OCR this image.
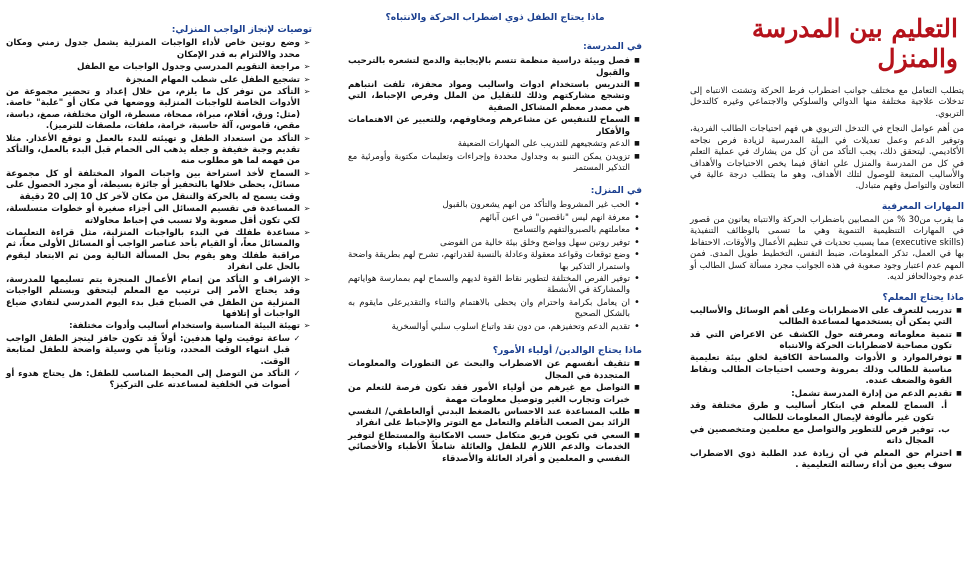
التعليم بين المدرسة والمنزل

يتطلب التعامل مع مختلف جوانب اضطراب فرط الحركة وتشتت الانتباه إلى تدخلات علاجية مختلفة منها الدوائي والسلوكي والاجتماعي وغيره كالتدخل التربوي.

من أهم عوامل النجاح في التدخل التربوي هي فهم احتياجات الطالب الفردية، وتوفير الدعم وعمل تعديلات في البيئة المدرسية لزيادة فرص نجاحه الأكاديمي. ليتحقق ذلك، يجب التأكد من أن كل من يشارك في عملية التعلم في كل من المدرسة والمنزل على اتفاق فيما يخص الاحتياجات والأهداف والأساليب المتبعة للوصول لتلك الأهداف، وهو ما يتطلب درجة عالية في التعاون والتواصل وفهم متبادل.

المهارات المعرفية

ما يقرب من30 % من المصابين باضطراب الحركة والانتباه يعانون من قصور في المهارات التنظيمية التنموية وهي ما تسمى بالوظائف التنفيذية (executive skills) مما يسبب تحديات في تنظيم الأعمال والأوقات، الاحتفاظ بها في العمل، تذكر المعلومات، ضبط النفس، التخطيط طويل المدى. فمن المهم عدم اعتبار وجود صعوبة في هذه الجوانب مجرد مسألة كسل الطالب أو عدم وجودالحافز لديه.

ماذا يحتاج المعلم؟
■
تدريب للتعرف على الاضطرابات وعلى أهم الوسائل والأساليب التي يمكن أن يستخدمها لمساعدة الطالب
■
تنمية معلوماته ومعرفته حول الكشف عن الاعراض التي قد تكون مصاحبة لاضطرابات الحركة والانتباه
■
توفرالموارد و الأدوات والمساحة الكافية لخلق بيئة تعليمية مناسبة للطالب وذلك بمرونة وحسب احتياجات الطالب ونقاط القوة والضعف عنده.
■
تقديم الدعم من إدارة المدرسة تشمل:
أ.
السماح للمعلم في ابتكار أساليب و طرق مختلفة وقد تكون غير مألوفة لإيصال المعلومات للطالب
ب.
توفير فرص للتطوير والتواصل مع معلمين ومتخصصين في المجال ذاته
■
احترام حق المعلم في أن زيادة عدد الطلبة ذوي الاضطراب سوف يعيق من أداء رسالته التعليمية .
ماذا يحتاج الطفل ذوي اضطراب الحركة والانتباه؟
في المدرسة:
■
فصل وبيئة دراسية منظمة تتسم بالإيجابية والدمج لتشعره بالترحيب والقبول
■
التدريس باستخدام ادوات واساليب ومواد محفزة، تلفت انتباهم وتشجع مشاركتهم وذلك للتقليل من الملل وفرص الإحباط، التي هي مصدر معظم المشاكل الصفية
■
السماح للتنفيس عن مشاعرهم ومخاوفهم، وللتعبير عن الاهتمامات والأفكار
■
الدعم وتشجيعهم للتدريب على المهارات الضعيفة
■
تزويدن يمكن التنبو به وجداول محددة وإجراءات وتعليمات مكتوبة وأومرئية مع التذكير المستمر
في المنزل:
•
الحب غير المشروط والتأكد من انهم يشعرون بالقبول
•
معرفة انهم ليس "ناقصين" في اعين آبائهم
•
معاملتهم بالصبروالتفهم والتسامح
•
توفير روتين سهل وواضح وخلق بيئة خالية من الفوضى
•
وضع توقعات وقواعد معقولة وعادلة بالنسبة لقدراتهم، تشرح لهم بطريقة واضحة واستمرار التذكير بها
•
توفير الفرص المختلفة لتطوير نقاط القوة لديهم والسماح لهم بممارسة هواياتهم والمشاركة في الأنشطة
•
ان يعامل بكرامة واحترام وان يحظى بالاهتمام والثناء والتقديرعلى مايقوم به بالشكل الصحيح
•
تقديم الدعم وتحفيزهم، من دون نقد واتباع اسلوب سلبي أوالسخرية
ماذا يحتاج الوالدين/ أولياء الأمور؟
■
تثقيف أنفسهم عن الاضطراب والبحث عن التطورات والمعلومات المتجددة في المجال
■
التواصل مع غيرهم من أولياء الأمور فقد تكون فرصة للتعلم من خبرات وتجارب الغير وتوصيل معلومات مهمة
■
طلب المساعدة عند الاحساس بالضغط البدني أوالعاطفي/ النفسي الزائد بمن الصعب التأقلم والتعامل مع التوتر والإحباط على انفراد
■
السعي في تكوين فريق متكامل حسب الامكانية والمستطاع لتوفير الخدمات والدعم اللازم للطفل والعائلة شاملاً الأطباء والأخصائي النفسي و المعلمين و أفراد العائلة والأصدقاء
توصيات لإنجاز الواجب المنزلي:
➢
وضع روتين خاص لأداء الواجبات المنزلية يشمل جدول زمني ومكان محدد والالتزام به قدر الإمكان
➢
مراجعة التقويم المدرسي وجدول الواجبات مع الطفل
➢
تشجيع الطفل على شطب المهام المنجزة
➢
التأكد من توفر كل ما يلزم، من خلال إعداد و تحضير مجموعة من الأدوات الخاصة للواجبات المنزلية ووضعها في مكان أو "علبة" خاصة. (مثل: ورق، أقلام، مبراة، ممحاة، مسطرة، الوان مختلفة، صمغ، دباسة، مقص، قاموس، آلة حاسبة، خرامة، ملفات، ملصقات للترميز).
➢
التأكد من استعداد الطفل و تهيئته للبدء بالعمل و توقع الأعذار. مثلا تقديم وجبة خفيفة و جعله يذهب الى الحمام قبل البدء بالعمل، والتأكد من فهمه لما هو مطلوب منه
➢
السماح لأخذ استراحة بين واجبات المواد المختلفة أو كل مجموعة مسائل، يحظى خلالها بالتحفيز أو جائزة بسيطة، أو مجرد الحصول على وقت يسمح له بالحركة والتنقل من مكان لآخر كل 10 إلى 20 دقيقة
➢
المساعدة في تقسيم المسائل الى أجزاء صغيرة أو خطوات متسلسلة، لكي تكون أقل صعوبة ولا تسبب في إحباط محاولاته
➢
مساعدة طفلك في البدء بالواجبات المنزلية، مثل قراءة التعليمات والمسائل معاً، أو القيام بأحد عناصر الواجب أو المسائل الأولى معاً، ثم مراقبة طفلك وهو يقوم بحل المسألة التالية ومن ثم الابتعاد ليقوم بالحل على انفراد
➢
الإشراف و التأكد من إتمام الأعمال المنجزة يتم تسليمها للمدرسة، وقد يحتاج الأمر إلى ترتيب مع المعلم ليتحقق ويستلم الواجبات المنزلية من الطفل في الصباح قبل بدء اليوم المدرسي لتفادي ضياع الواجبات أو إتلافها
➢
تهيئة البيئة المناسبة واستخدام أساليب وأدوات مختلفة:
✓
ساعة توقيت ولها هدفين: أولاً قد تكون حافز ليتجز الطفل الواجب قبل انتهاء الوقت المحدد، وثانياً هي وسيلة واضحة للطفل لمتابعة الوقت.
✓
التأكد من التوصل إلى المحيط المناسب للطفل: هل يحتاج هدوء أو أصوات في الخلفية لمساعدته على التركيز؟
